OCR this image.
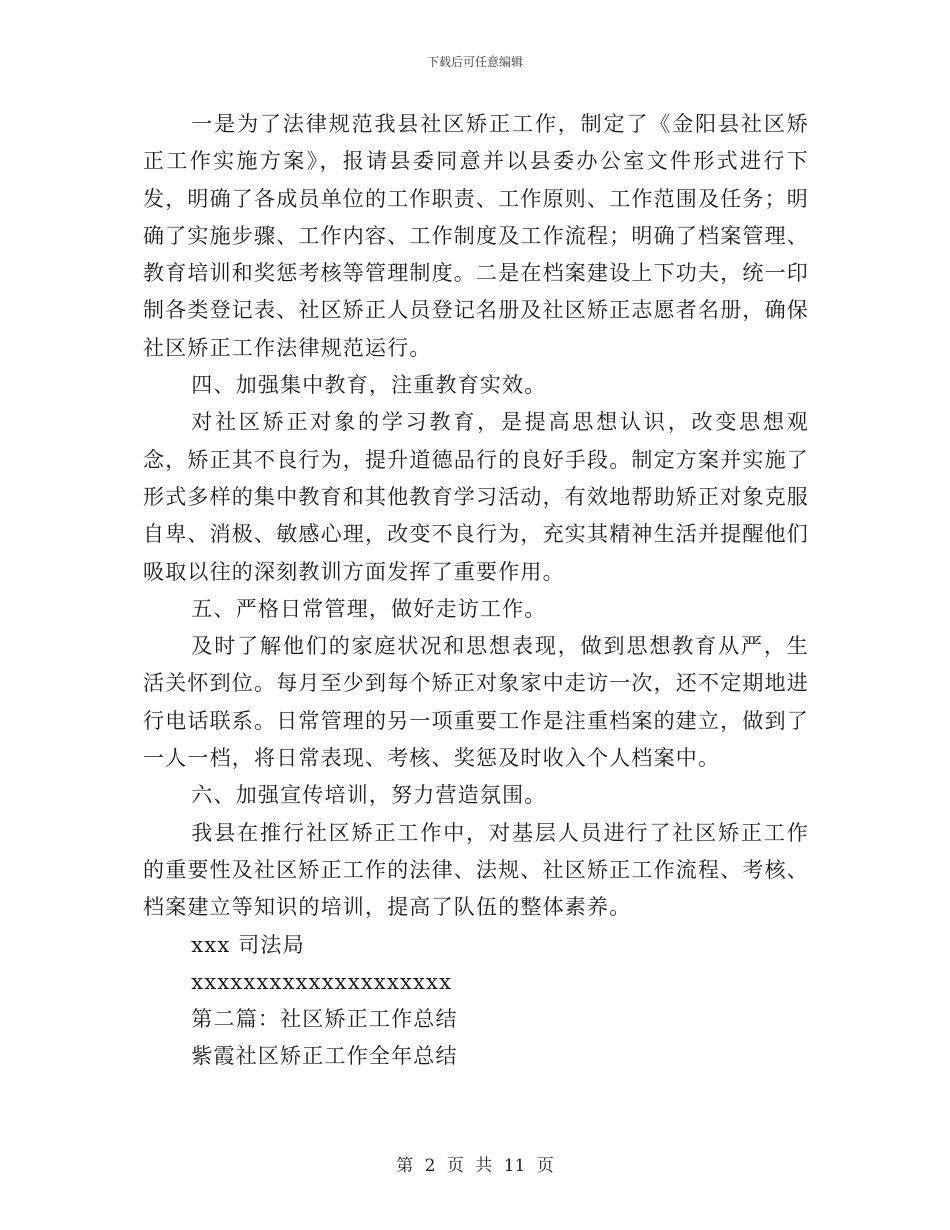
下载后可任意编辑

一是为了法律规范我县社区矫正工作，制定了《金阳县社区矫正工作实施方案》，报请县委同意并以县委办公室文件形式进行下发，明确了各成员单位的工作职责、工作原则、工作范围及任务；明确了实施步骤、工作内容、工作制度及工作流程；明确了档案管理、教育培训和奖惩考核等管理制度。二是在档案建设上下功夫，统一印制各类登记表、社区矫正人员登记名册及社区矫正志愿者名册，确保社区矫正工作法律规范运行。

四、加强集中教育，注重教育实效。

对社区矫正对象的学习教育，是提高思想认识，改变思想观念，矫正其不良行为，提升道德品行的良好手段。制定方案并实施了形式多样的集中教育和其他教育学习活动，有效地帮助矫正对象克服自卑、消极、敏感心理，改变不良行为，充实其精神生活并提醒他们吸取以往的深刻教训方面发挥了重要作用。

五、严格日常管理，做好走访工作。

及时了解他们的家庭状况和思想表现，做到思想教育从严，生活关怀到位。每月至少到每个矫正对象家中走访一次，还不定期地进行电话联系。日常管理的另一项重要工作是注重档案的建立，做到了一人一档，将日常表现、考核、奖惩及时收入个人档案中。

六、加强宣传培训，努力营造氛围。

我县在推行社区矫正工作中，对基层人员进行了社区矫正工作的重要性及社区矫正工作的法律、法规、社区矫正工作流程、考核、档案建立等知识的培训，提高了队伍的整体素养。

xxx 司法局

xxxxxxxxxxxxxxxxxxxx

第二篇：社区矫正工作总结

紫霞社区矫正工作全年总结

第 2 页 共 11 页
